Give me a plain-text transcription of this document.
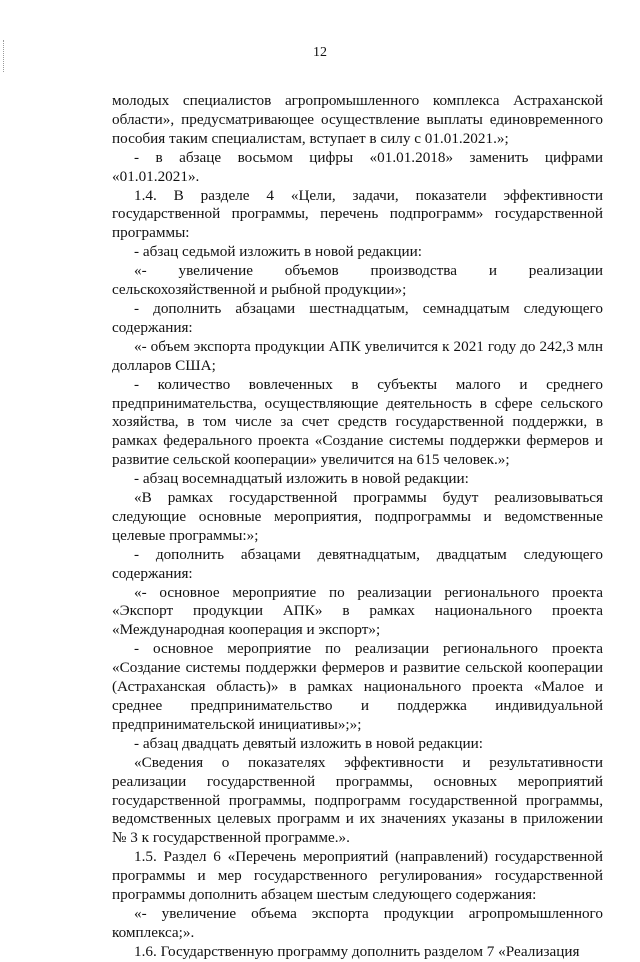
12

молодых специалистов агропромышленного комплекса Астраханской области», предусматривающее осуществление выплаты единовременного пособия таким специалистам, вступает в силу с 01.01.2021.»;

- в абзаце восьмом цифры «01.01.2018» заменить цифрами «01.01.2021».

1.4. В разделе 4 «Цели, задачи, показатели эффективности государственной программы, перечень подпрограмм» государственной программы:

- абзац седьмой изложить в новой редакции:

«- увеличение объемов производства и реализации сельскохозяйственной и рыбной продукции»;

- дополнить абзацами шестнадцатым, семнадцатым следующего содержания:

«- объем экспорта продукции АПК увеличится к 2021 году до 242,3 млн долларов США;

- количество вовлеченных в субъекты малого и среднего предпринимательства, осуществляющие деятельность в сфере сельского хозяйства, в том числе за счет средств государственной поддержки, в рамках федерального проекта «Создание системы поддержки фермеров и развитие сельской кооперации» увеличится на 615 человек.»;

- абзац восемнадцатый изложить в новой редакции:

«В рамках государственной программы будут реализовываться следующие основные мероприятия, подпрограммы и ведомственные целевые программы:»;

- дополнить абзацами девятнадцатым, двадцатым следующего содержания:

«- основное мероприятие по реализации регионального проекта «Экспорт продукции АПК» в рамках национального проекта «Международная кооперация и экспорт»;

- основное мероприятие по реализации регионального проекта «Создание системы поддержки фермеров и развитие сельской кооперации (Астраханская область)» в рамках национального проекта «Малое и среднее предпринимательство и поддержка индивидуальной предпринимательской инициативы»;»;

- абзац двадцать девятый изложить в новой редакции:

«Сведения о показателях эффективности и результативности реализации государственной программы, основных мероприятий государственной программы, подпрограмм государственной программы, ведомственных целевых программ и их значениях указаны в приложении № 3 к государственной программе.».

1.5. Раздел 6 «Перечень мероприятий (направлений) государственной программы и мер государственного регулирования» государственной программы дополнить абзацем шестым следующего содержания:

«- увеличение объема экспорта продукции агропромышленного комплекса;».

1.6. Государственную программу дополнить разделом 7 «Реализация
